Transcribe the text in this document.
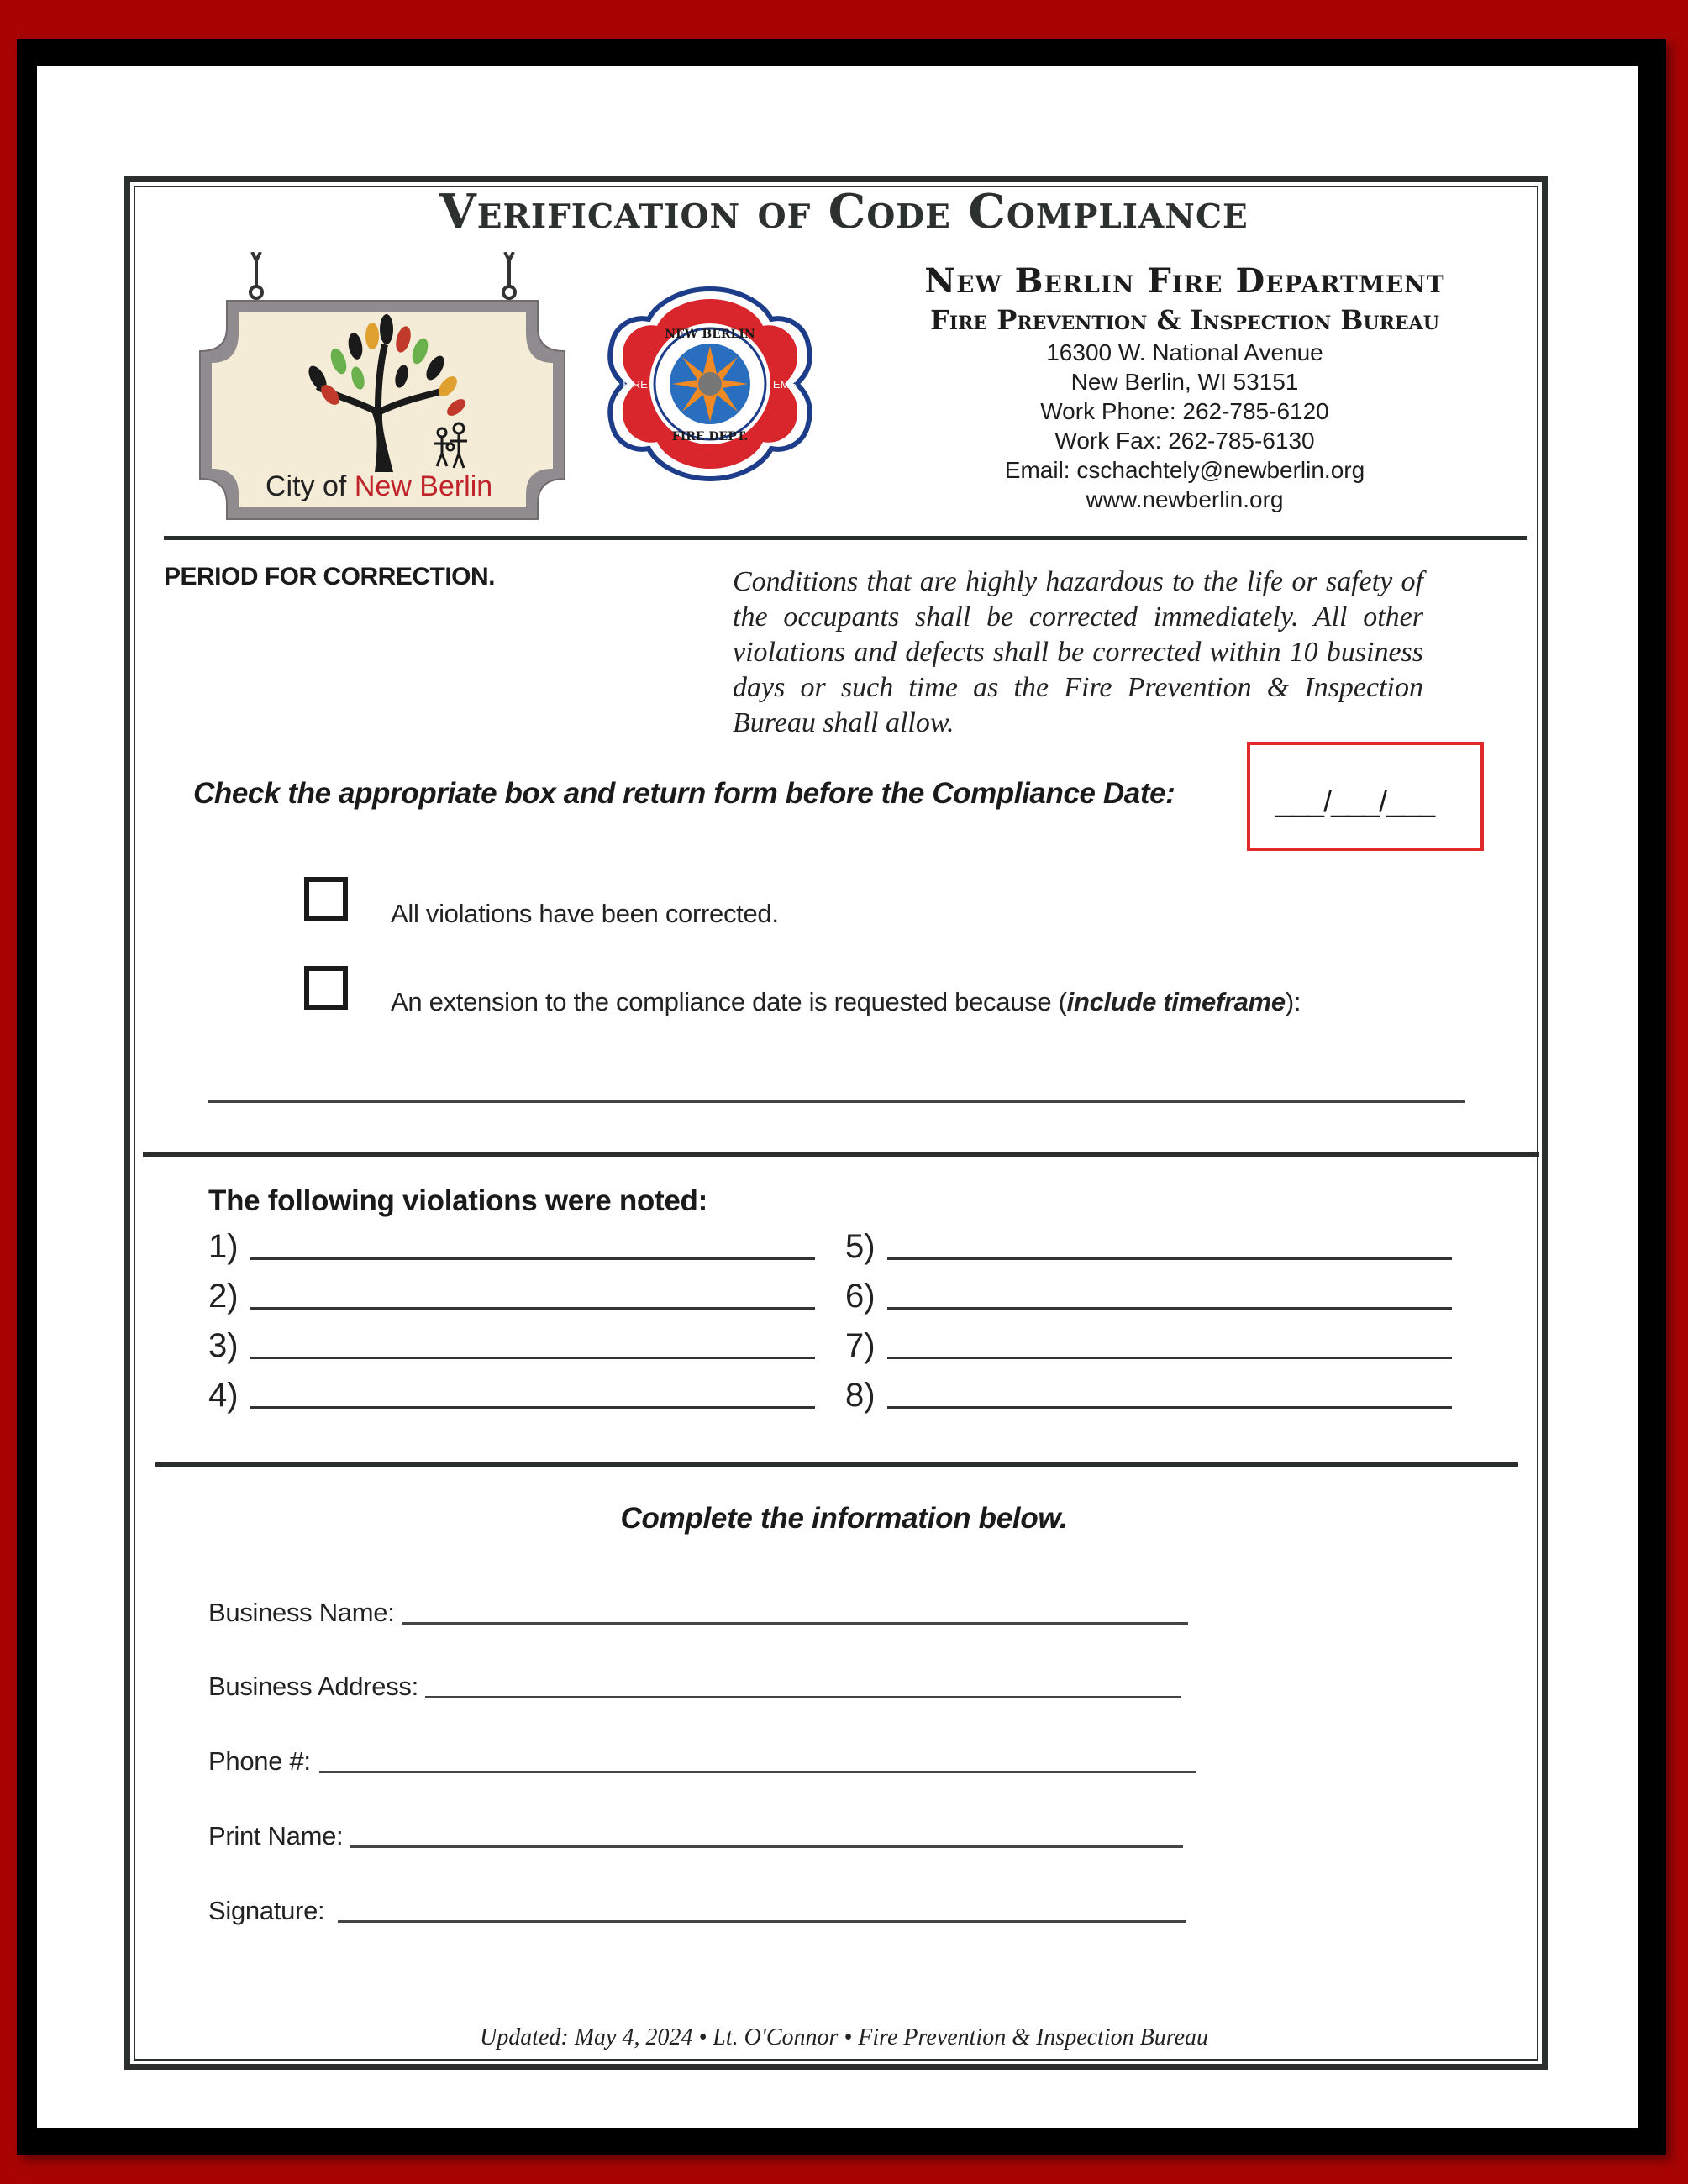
Verification of Code Compliance
City of New Berlin
NEW BERLIN
FIRE DEPT.
FIRE	EMS
New Berlin Fire Department
Fire Prevention & Inspection Bureau
16300 W. National Avenue
New Berlin, WI 53151
Work Phone: 262-785-6120
Work Fax: 262-785-6130
Email: cschachtely@newberlin.org
www.newberlin.org
PERIOD FOR CORRECTION.	Conditions that are highly hazardous to the life or safety of the occupants shall be corrected immediately. All other violations and defects shall be corrected within 10 business days or such time as the Fire Prevention & Inspection Bureau shall allow.
Check the appropriate box and return form before the Compliance Date:	___/___/___
All violations have been corrected.
An extension to the compliance date is requested because (include timeframe):
The following violations were noted:
1)
2)
3)
4)
5)
6)
7)
8)
Complete the information below.
Business Name:
Business Address:
Phone #:
Print Name:
Signature:
Updated: May 4, 2024 • Lt. O'Connor • Fire Prevention & Inspection Bureau
